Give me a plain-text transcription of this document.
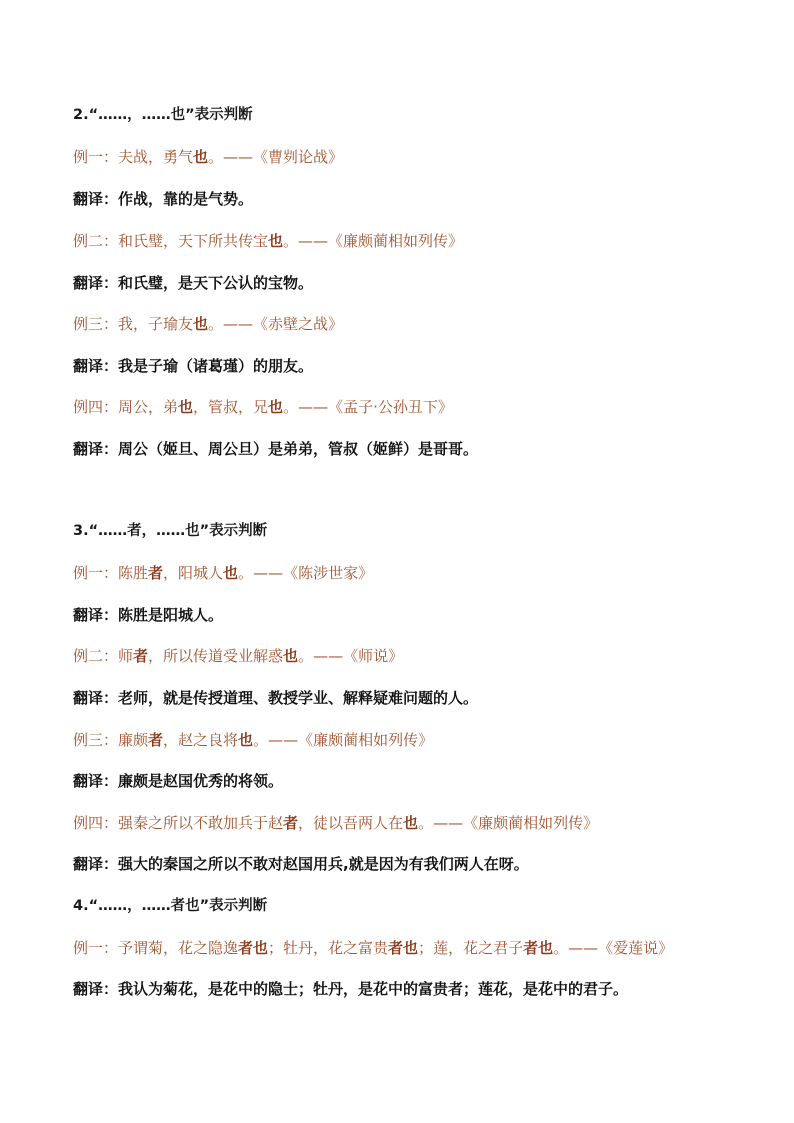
2.“……，……也”表示判断
例一：夫战，勇气也。——《曹刿论战》
翻译：作战，靠的是气势。
例二：和氏璧，天下所共传宝也。——《廉颇蔺相如列传》
翻译：和氏璧，是天下公认的宝物。
例三：我，子瑜友也。——《赤壁之战》
翻译：我是子瑜（诸葛瑾）的朋友。
例四：周公，弟也，管叔，兄也。——《孟子·公孙丑下》
翻译：周公（姬旦、周公旦）是弟弟，管叔（姬鲜）是哥哥。
3.“……者，……也”表示判断
例一：陈胜者，阳城人也。——《陈涉世家》
翻译：陈胜是阳城人。
例二：师者，所以传道受业解惑也。——《师说》
翻译：老师，就是传授道理、教授学业、解释疑难问题的人。
例三：廉颇者，赵之良将也。——《廉颇蔺相如列传》
翻译：廉颇是赵国优秀的将领。
例四：强秦之所以不敢加兵于赵者，徒以吾两人在也。——《廉颇蔺相如列传》
翻译：强大的秦国之所以不敢对赵国用兵,就是因为有我们两人在呀。
4.“……，……者也”表示判断
例一：予谓菊，花之隐逸者也；牡丹，花之富贵者也；莲，花之君子者也。——《爱莲说》
翻译：我认为菊花，是花中的隐士；牡丹，是花中的富贵者；莲花，是花中的君子。
